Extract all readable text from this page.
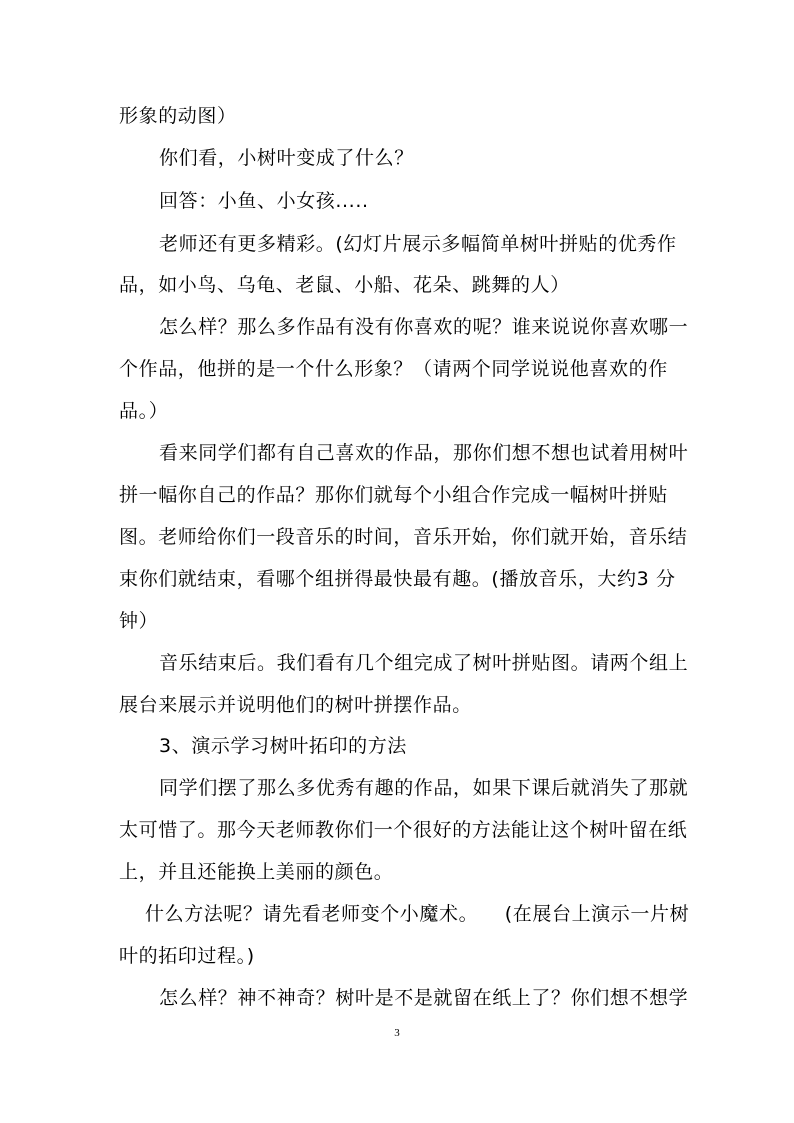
形象的动图）
你们看，小树叶变成了什么？
回答：小鱼、小女孩.....
老师还有更多精彩。(幻灯片展示多幅简单树叶拼贴的优秀作
品，如小鸟、乌龟、老鼠、小船、花朵、跳舞的人）
怎么样？那么多作品有没有你喜欢的呢？谁来说说你喜欢哪一
个作品，他拼的是一个什么形象？（请两个同学说说他喜欢的作
品。）
看来同学们都有自己喜欢的作品，那你们想不想也试着用树叶
拼一幅你自己的作品？那你们就每个小组合作完成一幅树叶拼贴
图。老师给你们一段音乐的时间，音乐开始，你们就开始，音乐结
束你们就结束，看哪个组拼得最快最有趣。(播放音乐，大约3 分
钟）
音乐结束后。我们看有几个组完成了树叶拼贴图。请两个组上
展台来展示并说明他们的树叶拼摆作品。
3、演示学习树叶拓印的方法
同学们摆了那么多优秀有趣的作品，如果下课后就消失了那就
太可惜了。那今天老师教你们一个很好的方法能让这个树叶留在纸
上，并且还能换上美丽的颜色。
什么方法呢？请先看老师变个小魔术。    (在展台上演示一片树
叶的拓印过程。)
怎么样？神不神奇？树叶是不是就留在纸上了？你们想不想学
3
